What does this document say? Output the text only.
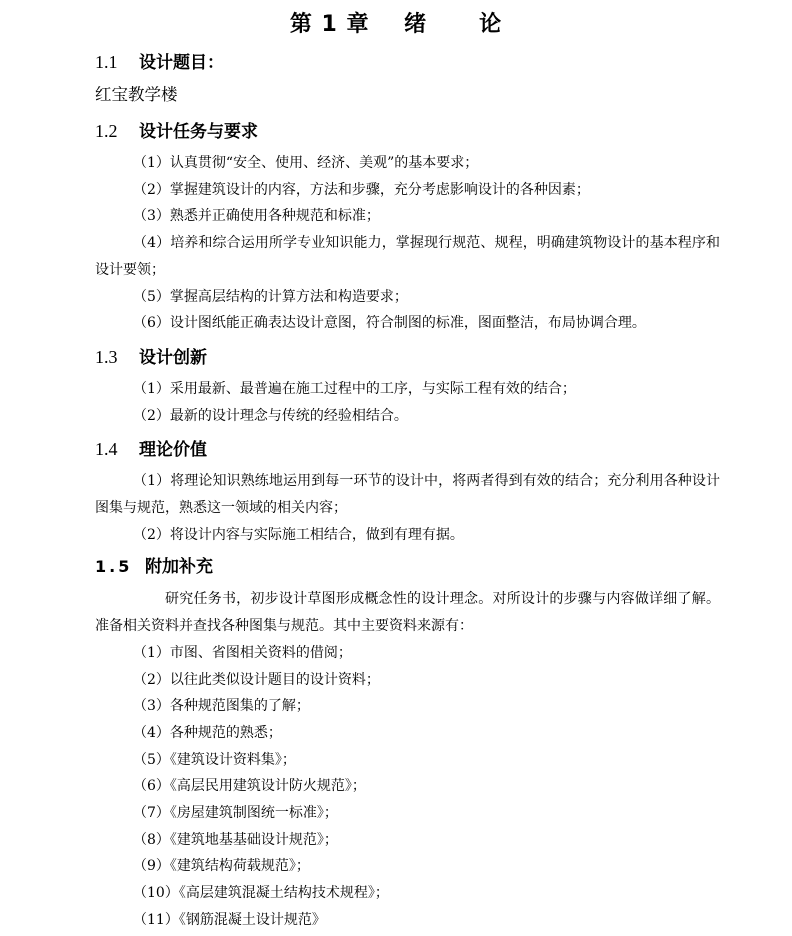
第 1 章    绪      论
1.1 设计题目：
红宝教学楼
1.2 设计任务与要求
（1）认真贯彻“安全、使用、经济、美观”的基本要求；
（2）掌握建筑设计的内容，方法和步骤，充分考虑影响设计的各种因素；
（3）熟悉并正确使用各种规范和标准；
（4）培养和综合运用所学专业知识能力，掌握现行规范、规程，明确建筑物设计的基本程序和设计要领；
（5）掌握高层结构的计算方法和构造要求；
（6）设计图纸能正确表达设计意图，符合制图的标准，图面整洁，布局协调合理。
1.3 设计创新
（1）采用最新、最普遍在施工过程中的工序，与实际工程有效的结合；
（2）最新的设计理念与传统的经验相结合。
1.4 理论价值
（1）将理论知识熟练地运用到每一环节的设计中，将两者得到有效的结合；充分利用各种设计图集与规范，熟悉这一领域的相关内容；
（2）将设计内容与实际施工相结合，做到有理有据。
1.5 附加补充
研究任务书，初步设计草图形成概念性的设计理念。对所设计的步骤与内容做详细了解。准备相关资料并查找各种图集与规范。其中主要资料来源有：
（1）市图、省图相关资料的借阅；
（2）以往此类似设计题目的设计资料；
（3）各种规范图集的了解；
（4）各种规范的熟悉；
（5）《建筑设计资料集》；
（6）《高层民用建筑设计防火规范》；
（7）《房屋建筑制图统一标准》；
（8）《建筑地基基础设计规范》；
（9）《建筑结构荷载规范》；
（10）《高层建筑混凝土结构技术规程》；
（11）《钢筋混凝土设计规范》
